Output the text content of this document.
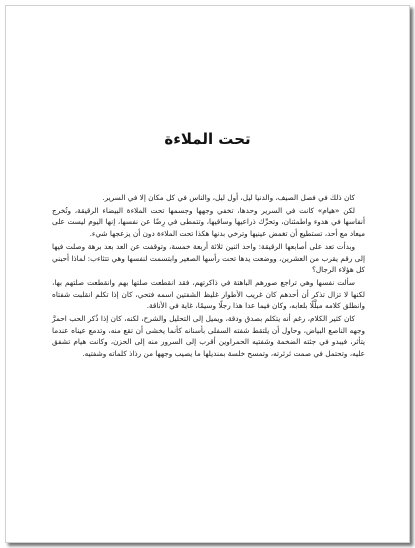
تحت الملاءة

كان ذلك في فصل الصيف، والدنيا ليل، أول ليل، والناس في كل مكان إلا في السرير.

لكن «هيام» كانت في السرير وحدها، تخفي وجهها وجسمها تحت الملاءة البيضاء الرقيقة، وتُخرج أنفاسها في هدوء واطمئنان، وتحرِّك ذراعيها وساقيها، وتتمطى في رِضًا عن نفسها، إنها اليوم ليست على ميعاد مع أحد، تستطيع أن تغمض عينيها وترخي بدنها هكذا تحت الملاءة دون أن يزعجها شيء.

وبدأت تعد على أصابعها الرقيقة: واحد اثنين ثلاثة أربعة خمسة، وتوقفت عن العد بعد برهة وصلت فيها إلى رقم يقرب من العشرين، ووضعت يدها تحت رأسها الصغير وابتسمت لنفسها وهي تتثاءب: لماذا أحبني كل هؤلاء الرجال؟

سألت نفسها وهي تراجع صورهم الباهتة في ذاكرتهم، فقد انقطعت صلتها بهم وانقطعت صلتهم بها، لكنها لا تزال تذكر أن أحدهم كان غريب الأطوار غليظ الشفتين اسمه فتحي، كان إذا تكلم انقلبت شفتاه وانطلق كلامه مبلَّلًا بلعابه، وكان فيما عدا هذا رجلًا وسيمًا، غاية في الأناقة.

كان كثير الكلام، رغم أنه يتكلم بصدق ودقة، ويميل إلى التحليل والشرح، لكنه، كان إذا ذُكر الحب احمرَّ وجهه الناصع البياض، وحاول أن يلتقط شفته السفلى بأسنانه كأنما يخشى أن تقع منه، وتدمع عيناه عندما يتأثر، فيبدو في جثته الضخمة وشفتيه الحمراوين أقرب إلى السرور منه إلى الحزن، وكانت هيام تشفق عليه، وتحتمل في صمت ثرثرته، وتمسح خلسة بمنديلها ما يصيب وجهها من رذاذ كلماته وشفتيه.
